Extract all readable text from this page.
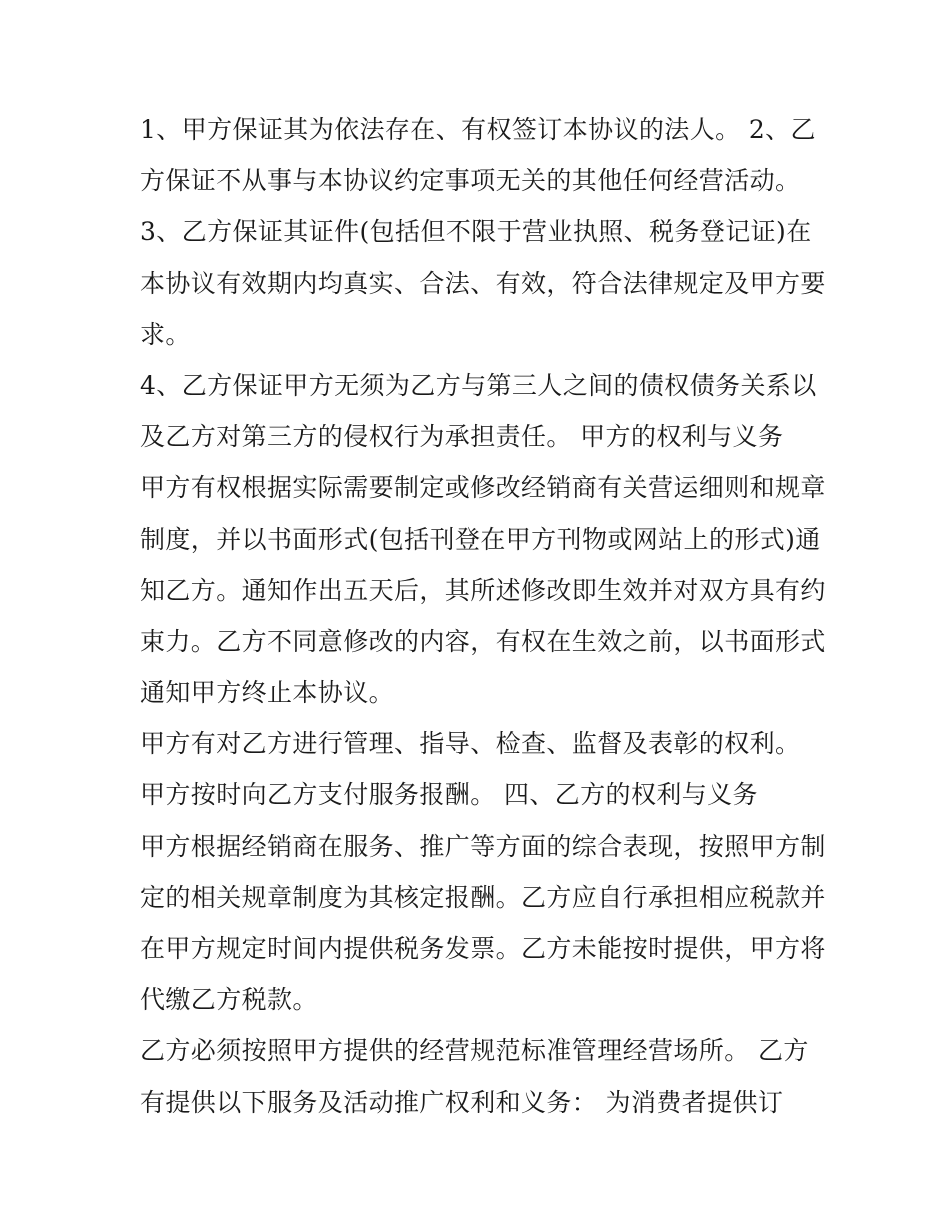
1、甲方保证其为依法存在、有权签订本协议的法人。 2、乙
方保证不从事与本协议约定事项无关的其他任何经营活动。
3、乙方保证其证件(包括但不限于营业执照、税务登记证)在
本协议有效期内均真实、合法、有效，符合法律规定及甲方要
求。
4、乙方保证甲方无须为乙方与第三人之间的债权债务关系以
及乙方对第三方的侵权行为承担责任。 甲方的权利与义务
甲方有权根据实际需要制定或修改经销商有关营运细则和规章
制度，并以书面形式(包括刊登在甲方刊物或网站上的形式)通
知乙方。通知作出五天后，其所述修改即生效并对双方具有约
束力。乙方不同意修改的内容，有权在生效之前，以书面形式
通知甲方终止本协议。
甲方有对乙方进行管理、指导、检查、监督及表彰的权利。
甲方按时向乙方支付服务报酬。 四、乙方的权利与义务
甲方根据经销商在服务、推广等方面的综合表现，按照甲方制
定的相关规章制度为其核定报酬。乙方应自行承担相应税款并
在甲方规定时间内提供税务发票。乙方未能按时提供，甲方将
代缴乙方税款。
乙方必须按照甲方提供的经营规范标准管理经营场所。 乙方
有提供以下服务及活动推广权利和义务： 为消费者提供订
